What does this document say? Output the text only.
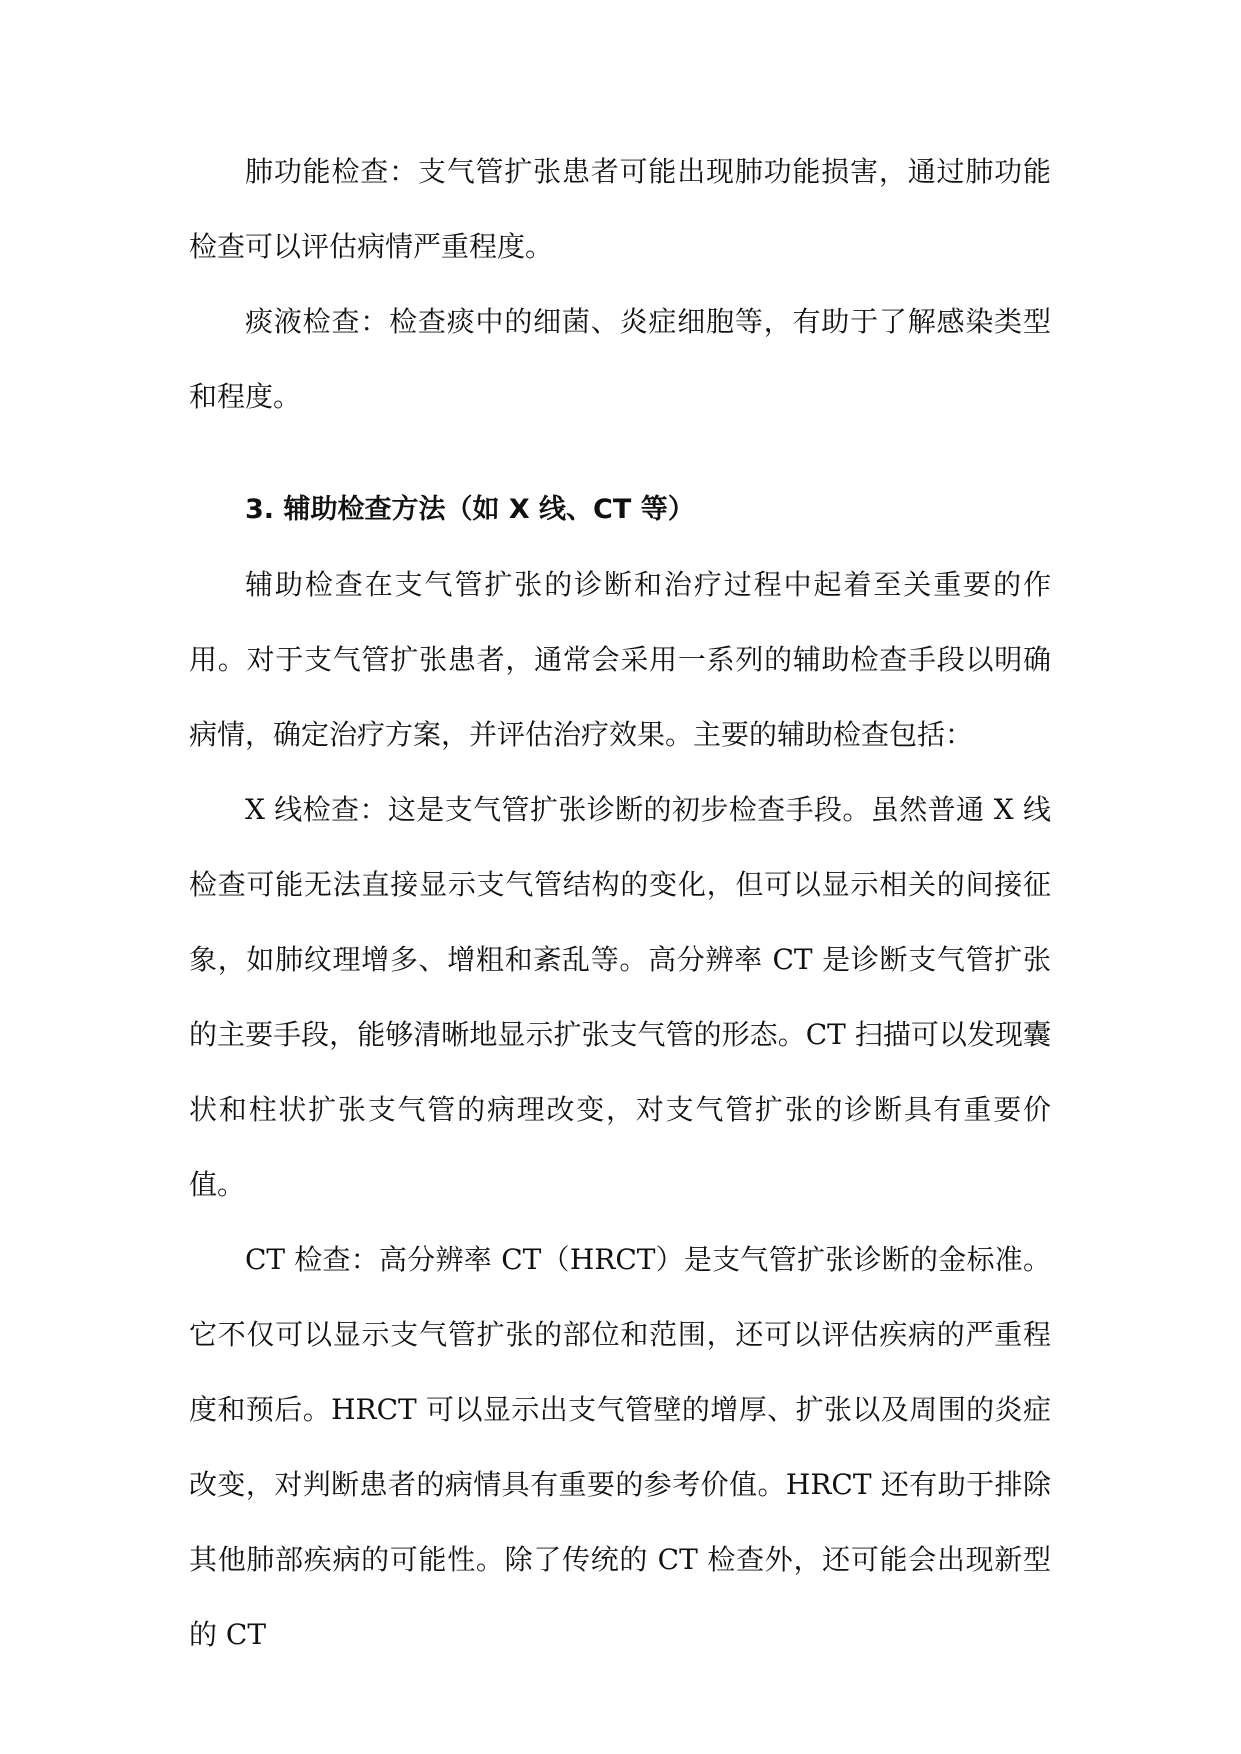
肺功能检查：支气管扩张患者可能出现肺功能损害，通过肺功能检查可以评估病情严重程度。

痰液检查：检查痰中的细菌、炎症细胞等，有助于了解感染类型和程度。

3. 辅助检查方法（如 X 线、CT 等）

辅助检查在支气管扩张的诊断和治疗过程中起着至关重要的作用。对于支气管扩张患者，通常会采用一系列的辅助检查手段以明确病情，确定治疗方案，并评估治疗效果。主要的辅助检查包括：

X 线检查：这是支气管扩张诊断的初步检查手段。虽然普通 X 线检查可能无法直接显示支气管结构的变化，但可以显示相关的间接征象，如肺纹理增多、增粗和紊乱等。高分辨率 CT 是诊断支气管扩张的主要手段，能够清晰地显示扩张支气管的形态。CT 扫描可以发现囊状和柱状扩张支气管的病理改变，对支气管扩张的诊断具有重要价值。

CT 检查：高分辨率 CT（HRCT）是支气管扩张诊断的金标准。它不仅可以显示支气管扩张的部位和范围，还可以评估疾病的严重程度和预后。HRCT 可以显示出支气管壁的增厚、扩张以及周围的炎症改变，对判断患者的病情具有重要的参考价值。HRCT 还有助于排除其他肺部疾病的可能性。除了传统的 CT 检查外，还可能会出现新型的 CT
